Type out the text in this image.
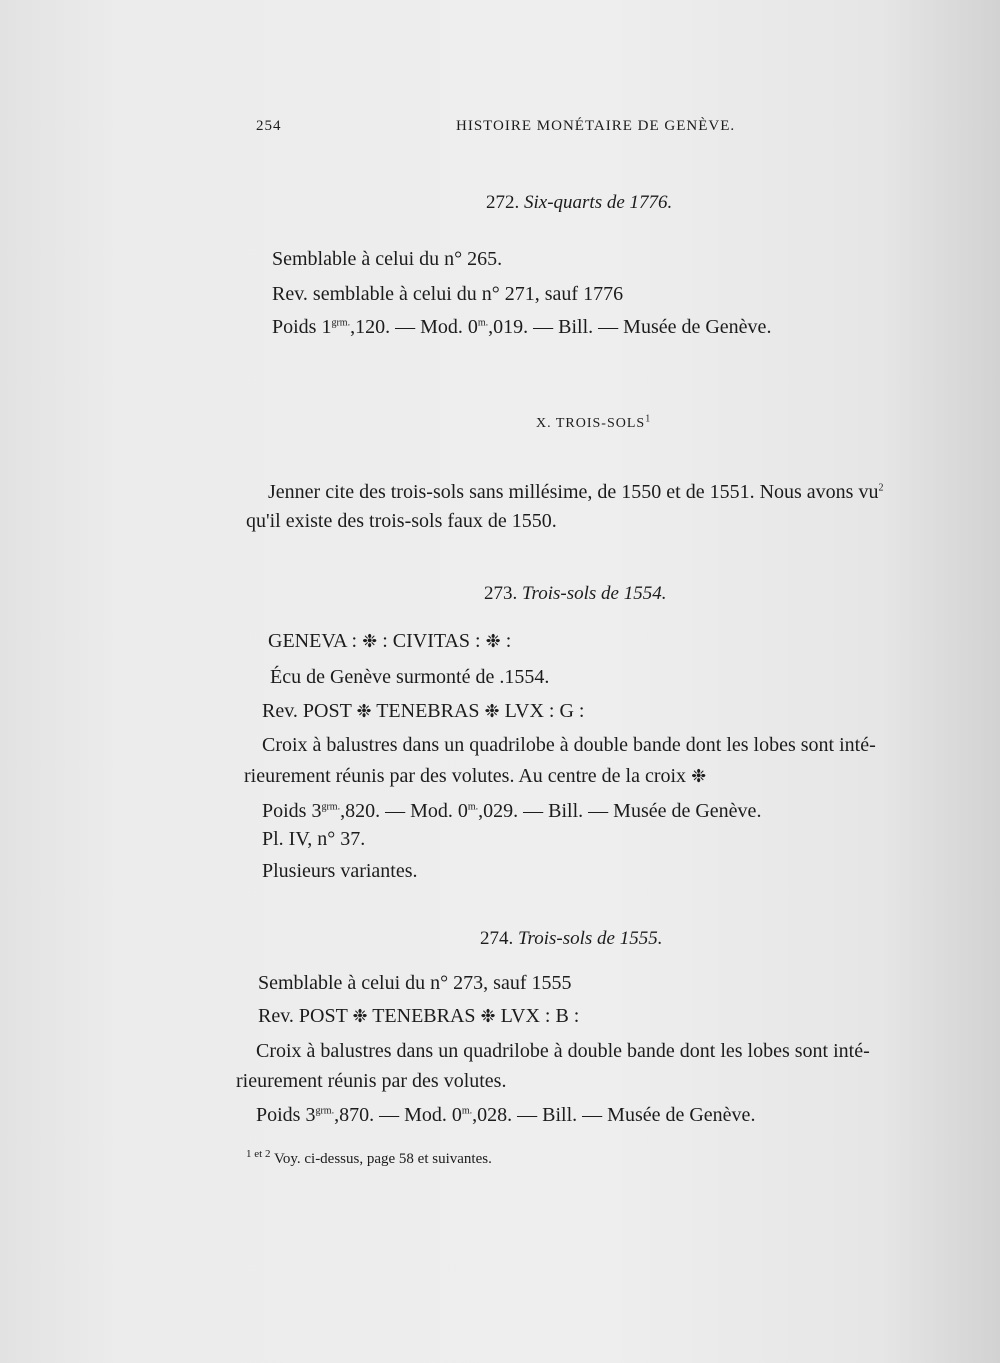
254	HISTOIRE MONÉTAIRE DE GENÈVE.
272. Six-quarts de 1776.
Semblable à celui du n° 265.
Rev. semblable à celui du n° 271, sauf 1776
Poids $1^{grm.},120$. — Mod. $0^{m.},019$. — Bill. — Musée de Genève.
X. TROIS-SOLS$^1$
Jenner cite des trois-sols sans millésime, de 1550 et de 1551. Nous avons $vu^2$
qu'il existe des trois-sols faux de 1550.
273. Trois-sols de 1554.
GENEVA : ❉ : CIVITAS : ❉ :
Écu de Genève surmonté de .1554.
Rev. POST ❉ TENEBRAS ❉ LVX : G :
Croix à balustres dans un quadrilobe à double bande dont les lobes sont inté-
rieurement réunis par des volutes. Au centre de la croix ❉
Poids $3^{grm.},820$. — Mod. $0^{m.},029$. — Bill. — Musée de Genève.
Pl. IV, n° 37.
Plusieurs variantes.
274. Trois-sols de 1555.
Semblable à celui du n° 273, sauf 1555
Rev. POST ❉ TENEBRAS ❉ LVX : B :
Croix à balustres dans un quadrilobe à double bande dont les lobes sont inté-
rieurement réunis par des volutes.
Poids $3^{grm.},870$. — Mod. $0^{m.},028$. — Bill. — Musée de Genève.
$^{1 et 2}$ Voy. ci-dessus, page 58 et suivantes.
